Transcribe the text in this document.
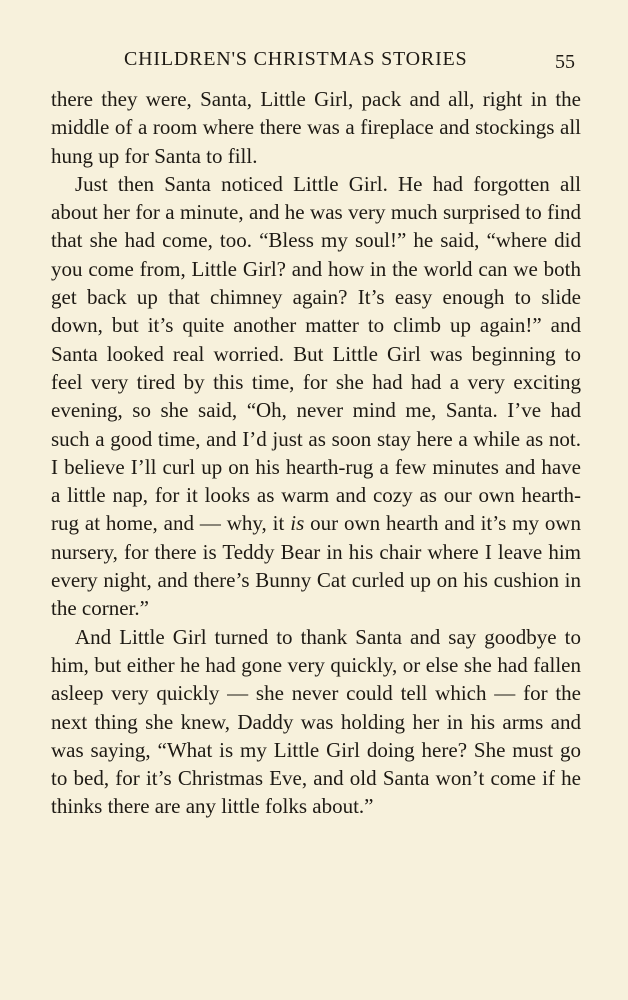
CHILDREN'S CHRISTMAS STORIES	55

there they were, Santa, Little Girl, pack and all, right in the middle of a room where there was a fireplace and stockings all hung up for Santa to fill.

Just then Santa noticed Little Girl. He had forgotten all about her for a minute, and he was very much surprised to find that she had come, too. “Bless my soul!” he said, “where did you come from, Little Girl? and how in the world can we both get back up that chimney again? It’s easy enough to slide down, but it’s quite another matter to climb up again!” and Santa looked real worried. But Little Girl was beginning to feel very tired by this time, for she had had a very exciting evening, so she said, “Oh, never mind me, Santa. I’ve had such a good time, and I’d just as soon stay here a while as not. I believe I’ll curl up on his hearth-rug a few minutes and have a little nap, for it looks as warm and cozy as our own hearth-rug at home, and — why, it is our own hearth and it’s my own nursery, for there is Teddy Bear in his chair where I leave him every night, and there’s Bunny Cat curled up on his cushion in the corner.”

And Little Girl turned to thank Santa and say goodbye to him, but either he had gone very quickly, or else she had fallen asleep very quickly — she never could tell which — for the next thing she knew, Daddy was holding her in his arms and was saying, “What is my Little Girl doing here? She must go to bed, for it’s Christmas Eve, and old Santa won’t come if he thinks there are any little folks about.”
